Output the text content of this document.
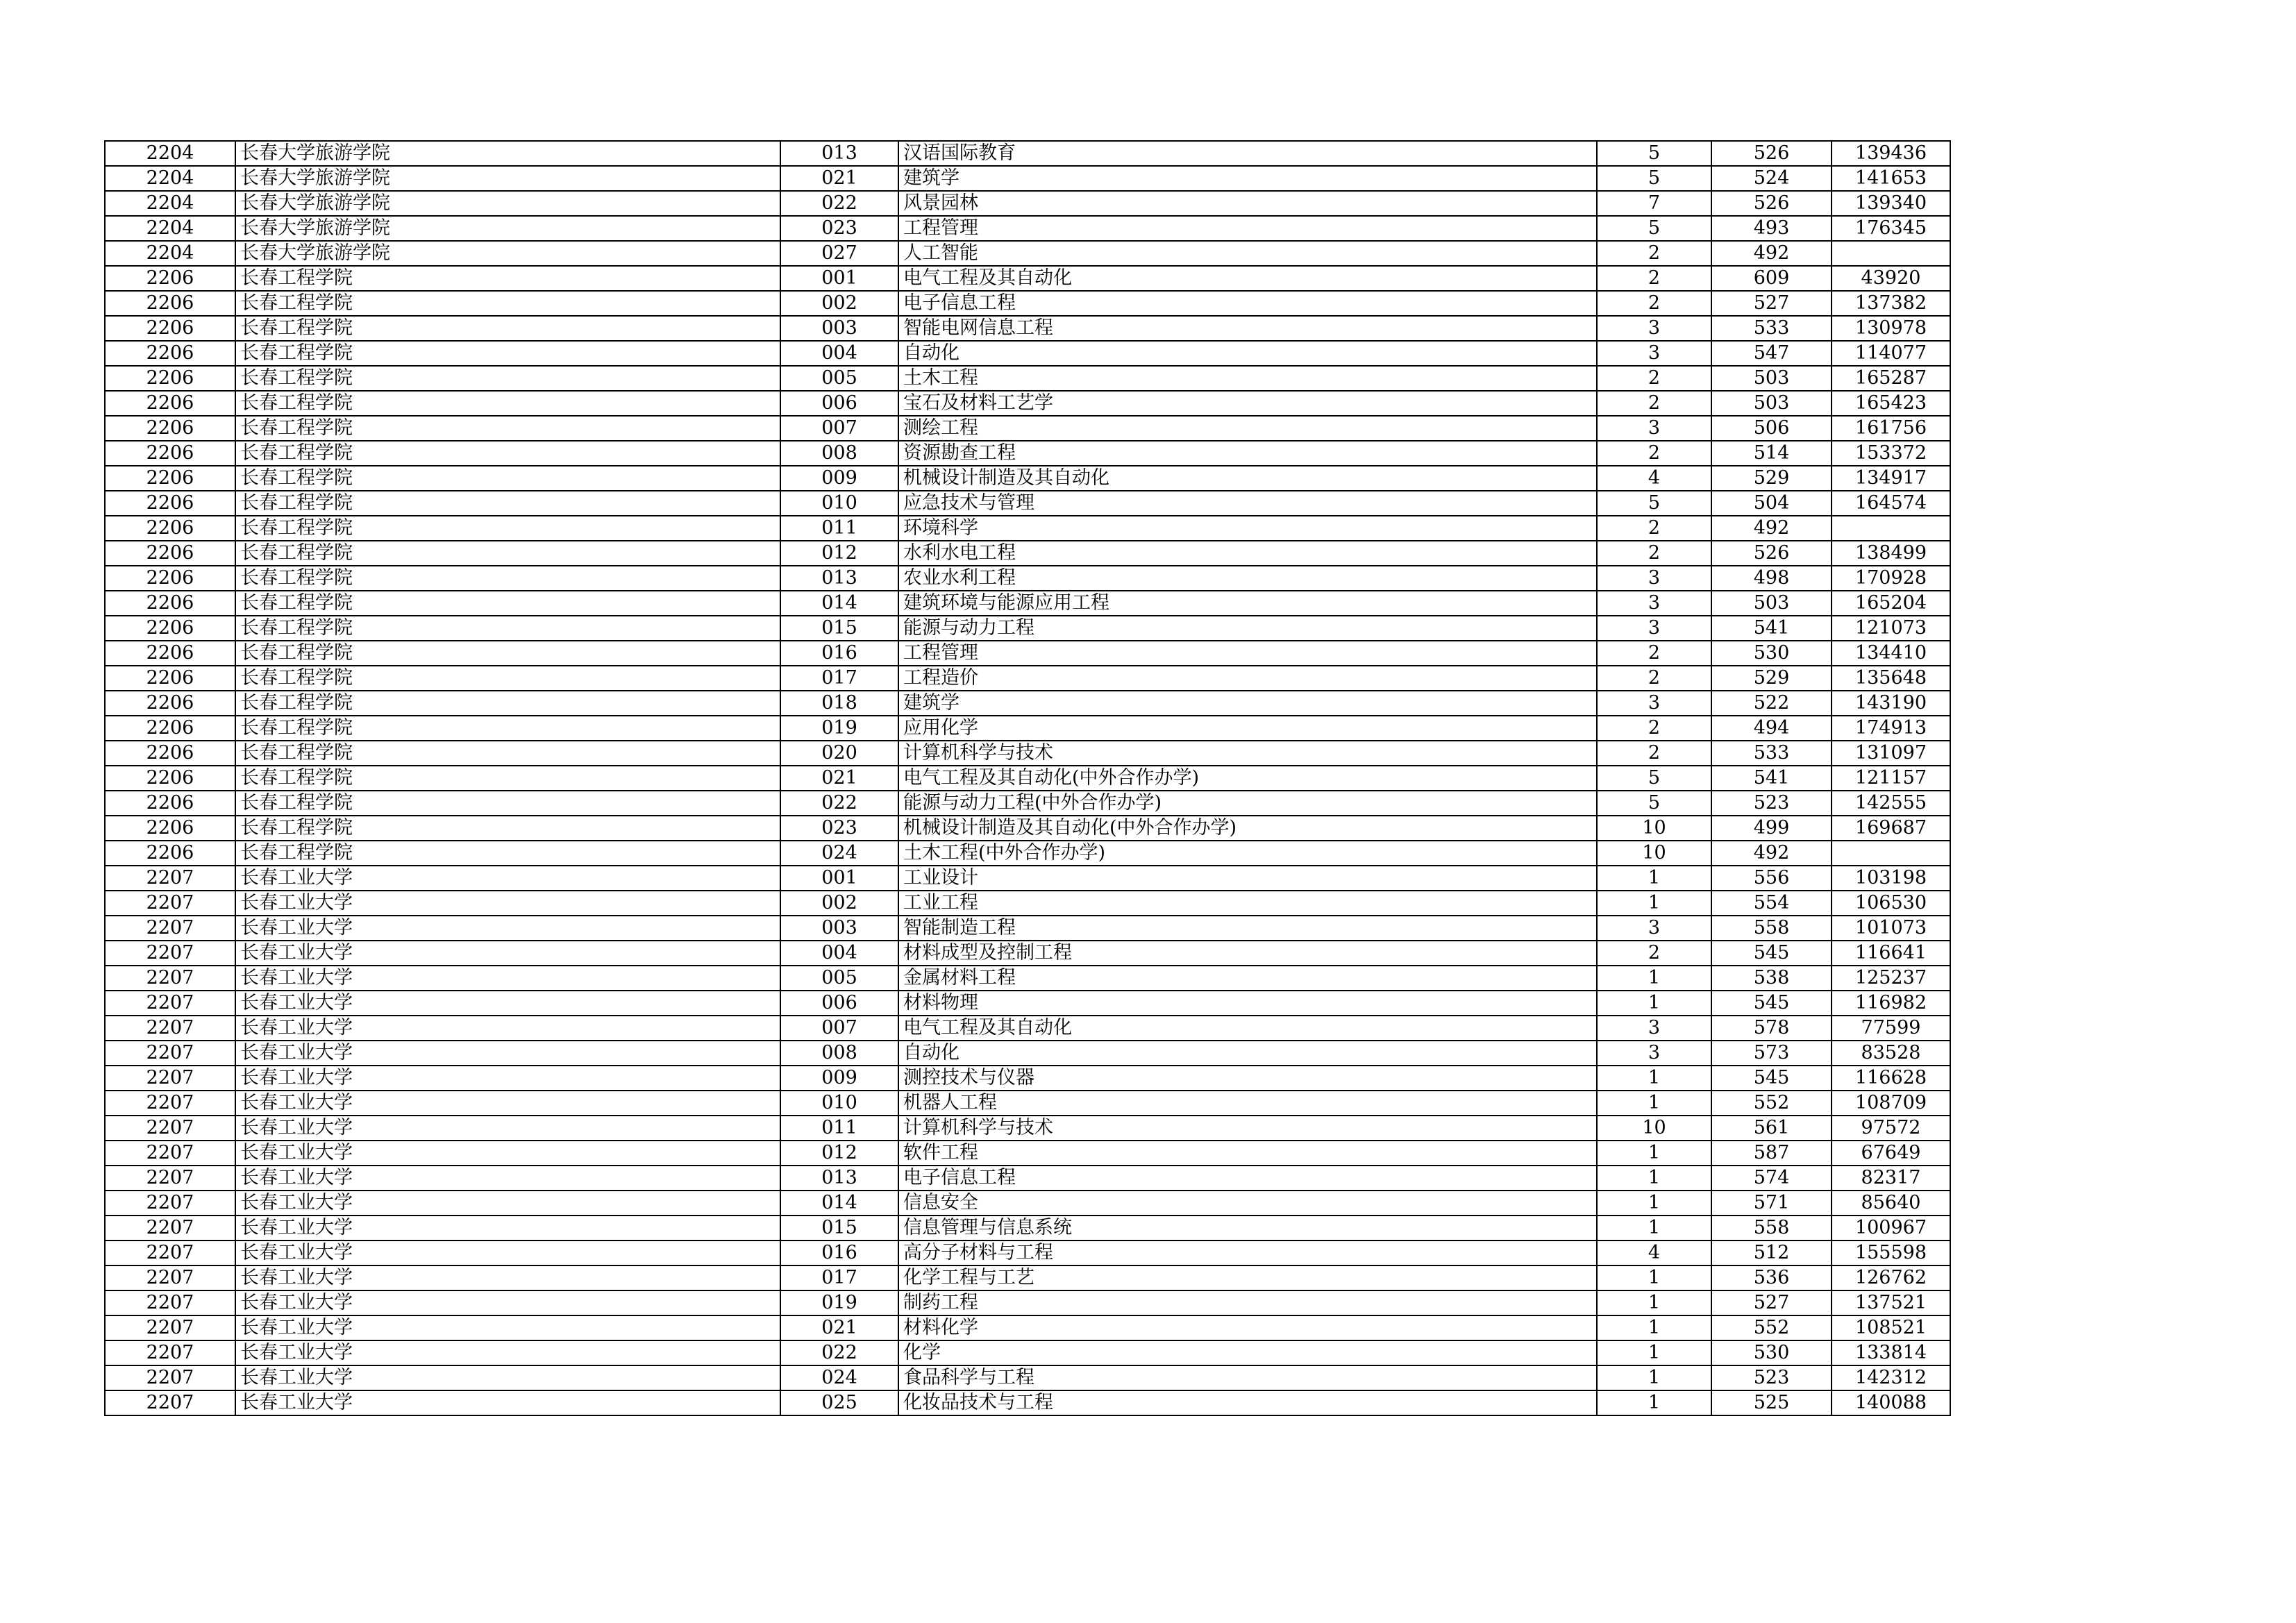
2204	长春大学旅游学院	013	汉语国际教育	5	526	139436
2204	长春大学旅游学院	021	建筑学	5	524	141653
2204	长春大学旅游学院	022	风景园林	7	526	139340
2204	长春大学旅游学院	023	工程管理	5	493	176345
2204	长春大学旅游学院	027	人工智能	2	492	
2206	长春工程学院	001	电气工程及其自动化	2	609	43920
2206	长春工程学院	002	电子信息工程	2	527	137382
2206	长春工程学院	003	智能电网信息工程	3	533	130978
2206	长春工程学院	004	自动化	3	547	114077
2206	长春工程学院	005	土木工程	2	503	165287
2206	长春工程学院	006	宝石及材料工艺学	2	503	165423
2206	长春工程学院	007	测绘工程	3	506	161756
2206	长春工程学院	008	资源勘查工程	2	514	153372
2206	长春工程学院	009	机械设计制造及其自动化	4	529	134917
2206	长春工程学院	010	应急技术与管理	5	504	164574
2206	长春工程学院	011	环境科学	2	492	
2206	长春工程学院	012	水利水电工程	2	526	138499
2206	长春工程学院	013	农业水利工程	3	498	170928
2206	长春工程学院	014	建筑环境与能源应用工程	3	503	165204
2206	长春工程学院	015	能源与动力工程	3	541	121073
2206	长春工程学院	016	工程管理	2	530	134410
2206	长春工程学院	017	工程造价	2	529	135648
2206	长春工程学院	018	建筑学	3	522	143190
2206	长春工程学院	019	应用化学	2	494	174913
2206	长春工程学院	020	计算机科学与技术	2	533	131097
2206	长春工程学院	021	电气工程及其自动化(中外合作办学)	5	541	121157
2206	长春工程学院	022	能源与动力工程(中外合作办学)	5	523	142555
2206	长春工程学院	023	机械设计制造及其自动化(中外合作办学)	10	499	169687
2206	长春工程学院	024	土木工程(中外合作办学)	10	492	
2207	长春工业大学	001	工业设计	1	556	103198
2207	长春工业大学	002	工业工程	1	554	106530
2207	长春工业大学	003	智能制造工程	3	558	101073
2207	长春工业大学	004	材料成型及控制工程	2	545	116641
2207	长春工业大学	005	金属材料工程	1	538	125237
2207	长春工业大学	006	材料物理	1	545	116982
2207	长春工业大学	007	电气工程及其自动化	3	578	77599
2207	长春工业大学	008	自动化	3	573	83528
2207	长春工业大学	009	测控技术与仪器	1	545	116628
2207	长春工业大学	010	机器人工程	1	552	108709
2207	长春工业大学	011	计算机科学与技术	10	561	97572
2207	长春工业大学	012	软件工程	1	587	67649
2207	长春工业大学	013	电子信息工程	1	574	82317
2207	长春工业大学	014	信息安全	1	571	85640
2207	长春工业大学	015	信息管理与信息系统	1	558	100967
2207	长春工业大学	016	高分子材料与工程	4	512	155598
2207	长春工业大学	017	化学工程与工艺	1	536	126762
2207	长春工业大学	019	制药工程	1	527	137521
2207	长春工业大学	021	材料化学	1	552	108521
2207	长春工业大学	022	化学	1	530	133814
2207	长春工业大学	024	食品科学与工程	1	523	142312
2207	长春工业大学	025	化妆品技术与工程	1	525	140088
